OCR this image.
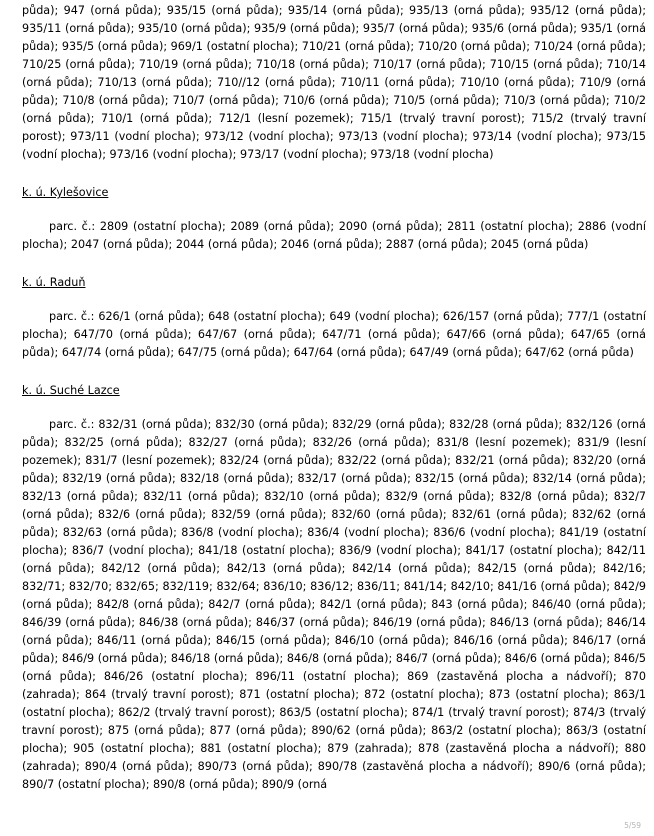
půda); 947 (orná půda); 935/15 (orná půda); 935/14 (orná půda); 935/13 (orná půda); 935/12 (orná půda); 935/11 (orná půda); 935/10 (orná půda); 935/9 (orná půda); 935/7 (orná půda); 935/6 (orná půda); 935/1 (orná půda); 935/5 (orná půda); 969/1 (ostatní plocha); 710/21 (orná půda); 710/20 (orná půda); 710/24 (orná půda); 710/25 (orná půda); 710/19 (orná půda); 710/18 (orná půda); 710/17 (orná půda); 710/15 (orná půda); 710/14 (orná půda); 710/13 (orná půda); 710//12 (orná půda); 710/11 (orná půda); 710/10 (orná půda); 710/9 (orná půda); 710/8 (orná půda); 710/7 (orná půda); 710/6 (orná půda); 710/5 (orná půda); 710/3 (orná půda); 710/2 (orná půda); 710/1 (orná půda); 712/1 (lesní pozemek); 715/1 (trvalý travní porost); 715/2 (trvalý travní porost); 973/11 (vodní plocha); 973/12 (vodní plocha); 973/13 (vodní plocha); 973/14 (vodní plocha); 973/15 (vodní plocha); 973/16 (vodní plocha); 973/17 (vodní plocha); 973/18 (vodní plocha)

k. ú. Kylešovice

parc. č.: 2809 (ostatní plocha); 2089 (orná půda); 2090 (orná půda); 2811 (ostatní plocha); 2886 (vodní plocha); 2047 (orná půda); 2044 (orná půda); 2046 (orná půda); 2887 (orná půda); 2045 (orná půda)

k. ú. Raduň

parc. č.: 626/1 (orná půda); 648 (ostatní plocha); 649 (vodní plocha); 626/157 (orná půda); 777/1 (ostatní plocha); 647/70 (orná půda); 647/67 (orná půda); 647/71 (orná půda); 647/66 (orná půda); 647/65 (orná půda); 647/74 (orná půda); 647/75 (orná půda); 647/64 (orná půda); 647/49 (orná půda); 647/62 (orná půda)

k. ú. Suché Lazce

parc. č.: 832/31 (orná půda); 832/30 (orná půda); 832/29 (orná půda); 832/28 (orná půda); 832/126 (orná půda); 832/25 (orná půda); 832/27 (orná půda); 832/26 (orná půda); 831/8 (lesní pozemek); 831/9 (lesní pozemek); 831/7 (lesní pozemek); 832/24 (orná půda); 832/22 (orná půda); 832/21 (orná půda); 832/20 (orná půda); 832/19 (orná půda); 832/18 (orná půda); 832/17 (orná půda); 832/15 (orná půda); 832/14 (orná půda); 832/13 (orná půda); 832/11 (orná půda); 832/10 (orná půda); 832/9 (orná půda); 832/8 (orná půda); 832/7 (orná půda); 832/6 (orná půda); 832/59 (orná půda); 832/60 (orná půda); 832/61 (orná půda); 832/62 (orná půda); 832/63 (orná půda); 836/8 (vodní plocha); 836/4 (vodní plocha); 836/6 (vodní plocha); 841/19 (ostatní plocha); 836/7 (vodní plocha); 841/18 (ostatní plocha); 836/9 (vodní plocha); 841/17 (ostatní plocha); 842/11 (orná půda); 842/12 (orná půda); 842/13 (orná půda); 842/14 (orná půda); 842/15 (orná půda); 842/16; 832/71; 832/70; 832/65; 832/119; 832/64; 836/10; 836/12; 836/11; 841/14; 842/10; 841/16 (orná půda); 842/9 (orná půda); 842/8 (orná půda); 842/7 (orná půda); 842/1 (orná půda); 843 (orná půda); 846/40 (orná půda); 846/39 (orná půda); 846/38 (orná půda); 846/37 (orná půda); 846/19 (orná půda); 846/13 (orná půda); 846/14 (orná půda); 846/11 (orná půda); 846/15 (orná půda); 846/10 (orná půda); 846/16 (orná půda); 846/17 (orná půda); 846/9 (orná půda); 846/18 (orná půda); 846/8 (orná půda); 846/7 (orná půda); 846/6 (orná půda); 846/5 (orná půda); 846/26 (ostatní plocha); 896/11 (ostatní plocha); 869 (zastavěná plocha a nádvoří); 870 (zahrada); 864 (trvalý travní porost); 871 (ostatní plocha); 872 (ostatní plocha); 873 (ostatní plocha); 863/1 (ostatní plocha); 862/2 (trvalý travní porost); 863/5 (ostatní plocha); 874/1 (trvalý travní porost); 874/3 (trvalý travní porost); 875 (orná půda); 877 (orná půda); 890/62 (orná půda); 863/2 (ostatní plocha); 863/3 (ostatní plocha); 905 (ostatní plocha); 881 (ostatní plocha); 879 (zahrada); 878 (zastavěná plocha a nádvoří); 880 (zahrada); 890/4 (orná půda); 890/73 (orná půda); 890/78 (zastavěná plocha a nádvoří); 890/6 (orná půda); 890/7 (ostatní plocha); 890/8 (orná půda); 890/9 (orná

5/59
